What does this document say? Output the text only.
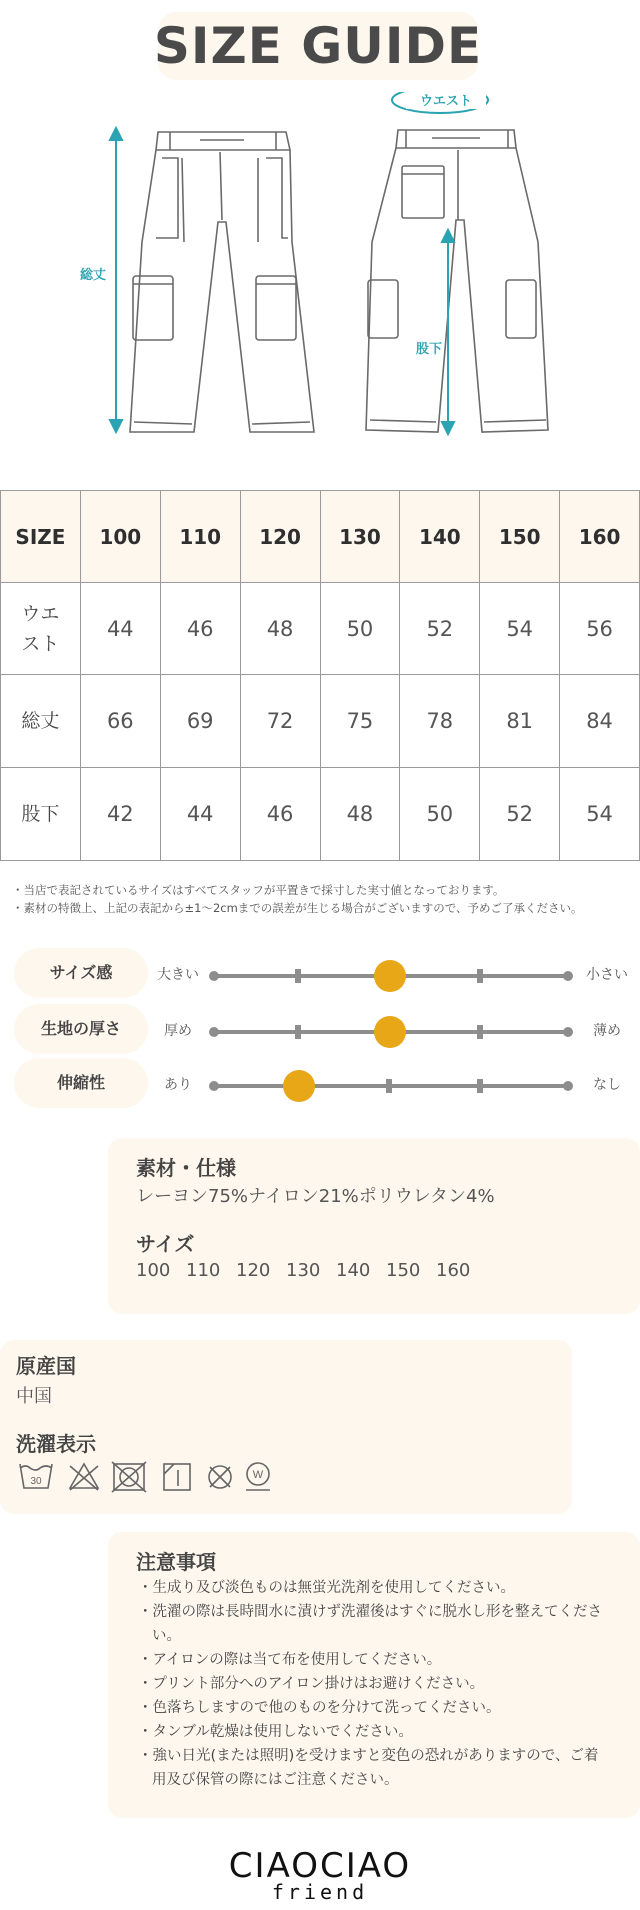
SIZE GUIDE
総丈
ウエスト
股下
SIZE	100	110	120	130	140	150	160
ウエスト	44	46	48	50	52	54	56
総丈	66	69	72	75	78	81	84
股下	42	44	46	48	50	52	54
・当店で表記されているサイズはすべてスタッフが平置きで採寸した実寸値となっております。
・素材の特徴上、上記の表記から±1～2cmまでの誤差が生じる場合がございますので、予めご了承ください。
サイズ感	大きい	小さい
生地の厚さ	厚め	薄め
伸縮性	あり	なし
素材・仕様
レーヨン75%ナイロン21%ポリウレタン4%
サイズ
100 110 120 130 140 150 160
原産国
中国
洗濯表示
30
W
注意事項
・生成り及び淡色ものは無蛍光洗剤を使用してください。
・洗濯の際は長時間水に漬けず洗濯後はすぐに脱水し形を整えてください。
・アイロンの際は当て布を使用してください。
・プリント部分へのアイロン掛けはお避けください。
・色落ちしますので他のものを分けて洗ってください。
・タンブル乾燥は使用しないでください。
・強い日光(または照明)を受けますと変色の恐れがありますので、ご着用及び保管の際にはご注意ください。
CIAOCIAO
friend
